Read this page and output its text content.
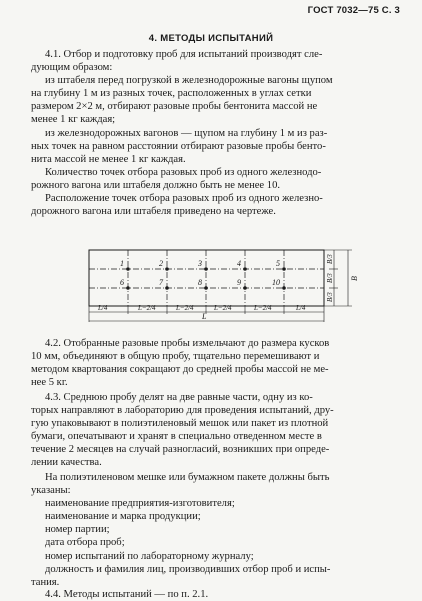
ГОСТ 7032—75 С. 3
4. МЕТОДЫ ИСПЫТАНИЙ
4.1. Отбор и подготовку проб для испытаний производят сле-
дующим образом:
из штабеля перед погрузкой в железнодорожные вагоны щупом
на глубину 1 м из разных точек, расположенных в углах сетки
размером 2×2 м, отбирают разовые пробы бентонита массой не
менее 1 кг каждая;
из железнодорожных вагонов — щупом на глубину 1 м из раз-
ных точек на равном расстоянии отбирают разовые пробы бенто-
нита массой не менее 1 кг каждая.
Количество точек отбора разовых проб из одного железнодо-
рожного вагона или штабеля должно быть не менее 10.
Расположение точек отбора разовых проб из одного железно-
дорожного вагона или штабеля приведено на чертеже.
1	2	3	4	5
6	7	8	9	10
В/3
В/3
В/3
В
L/4	L−2/4	L−2/4	L−2/4	L−2/4	L/4
L
4.2. Отобранные разовые пробы измельчают до размера кусков
10 мм, объединяют в общую пробу, тщательно перемешивают и
методом квартования сокращают до средней пробы массой не ме-
нее 5 кг.
4.3. Среднюю пробу делят на две равные части, одну из ко-
торых направляют в лабораторию для проведения испытаний, дру-
гую упаковывают в полиэтиленовый мешок или пакет из плотной
бумаги, опечатывают и хранят в специально отведенном месте в
течение 2 месяцев на случай разногласий, возникших при опреде-
лении качества.
На полиэтиленовом мешке или бумажном пакете должны быть
указаны:
наименование предприятия-изготовителя;
наименование и марка продукции;
номер партии;
дата отбора проб;
номер испытаний по лабораторному журналу;
должность и фамилия лиц, производивших отбор проб и испы-
тания.
4.4. Методы испытаний — по п. 2.1.
